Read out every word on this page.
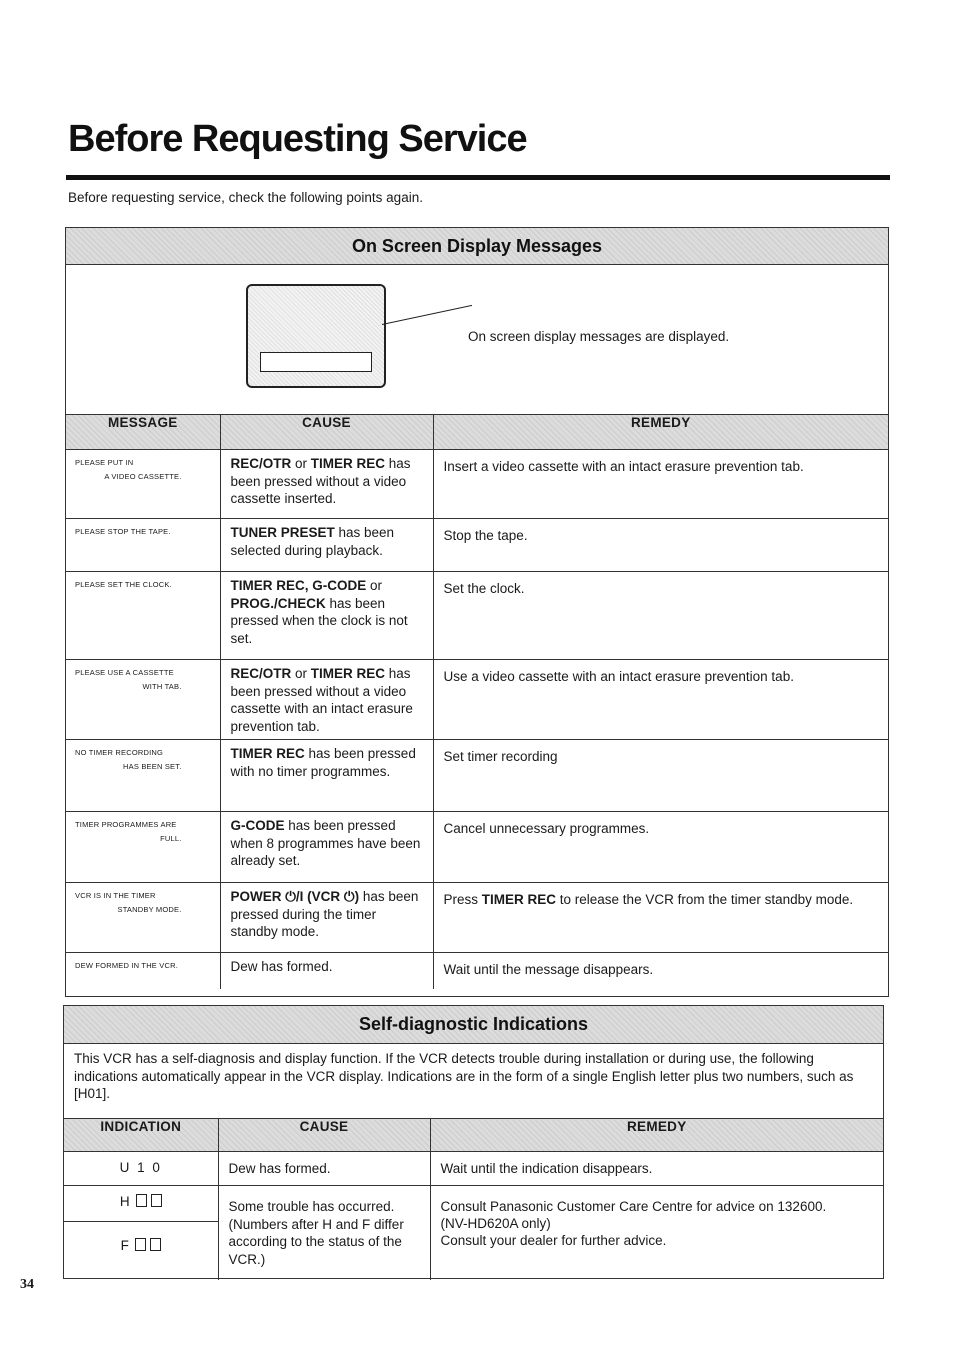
Before Requesting Service
Before requesting service, check the following points again.
On Screen Display Messages
On screen display messages are displayed.
MESSAGE	CAUSE	REMEDY

PLEASE PUT IN
A VIDEO CASSETTE.	REC/OTR or TIMER REC has been pressed without a video cassette inserted.	Insert a video cassette with an intact erasure prevention tab.

PLEASE STOP THE TAPE.	TUNER PRESET has been selected during playback.	Stop the tape.

PLEASE SET THE CLOCK.	TIMER REC, G-CODE or PROG./CHECK has been pressed when the clock is not set.	Set the clock.

PLEASE USE A CASSETTE
WITH TAB.	REC/OTR or TIMER REC has been pressed without a video cassette with an intact erasure prevention tab.	Use a video cassette with an intact erasure prevention tab.

NO TIMER RECORDING
HAS BEEN SET.	TIMER REC has been pressed with no timer programmes.	Set timer recording

TIMER PROGRAMMES ARE
FULL.	G-CODE has been pressed when 8 programmes have been already set.	Cancel unnecessary programmes.

VCR IS IN THE TIMER
STANDBY MODE.	POWER ⏻/I (VCR ⏻) has been pressed during the timer standby mode.	Press TIMER REC to release the VCR from the timer standby mode.

DEW FORMED IN THE VCR.	Dew has formed.	Wait until the message disappears.
Self-diagnostic Indications
This VCR has a self-diagnosis and display function. If the VCR detects trouble during installation or during use, the following indications automatically appear in the VCR display. Indications are in the form of a single English letter plus two numbers, such as [H01].
INDICATION	CAUSE	REMEDY
U 1 0	Dew has formed.	Wait until the indication disappears.
H	Some trouble has occurred. (Numbers after H and F differ according to the status of the VCR.)	Consult Panasonic Customer Care Centre for advice on 132600.
(NV-HD620A only)
Consult your dealer for further advice.

F		
34
